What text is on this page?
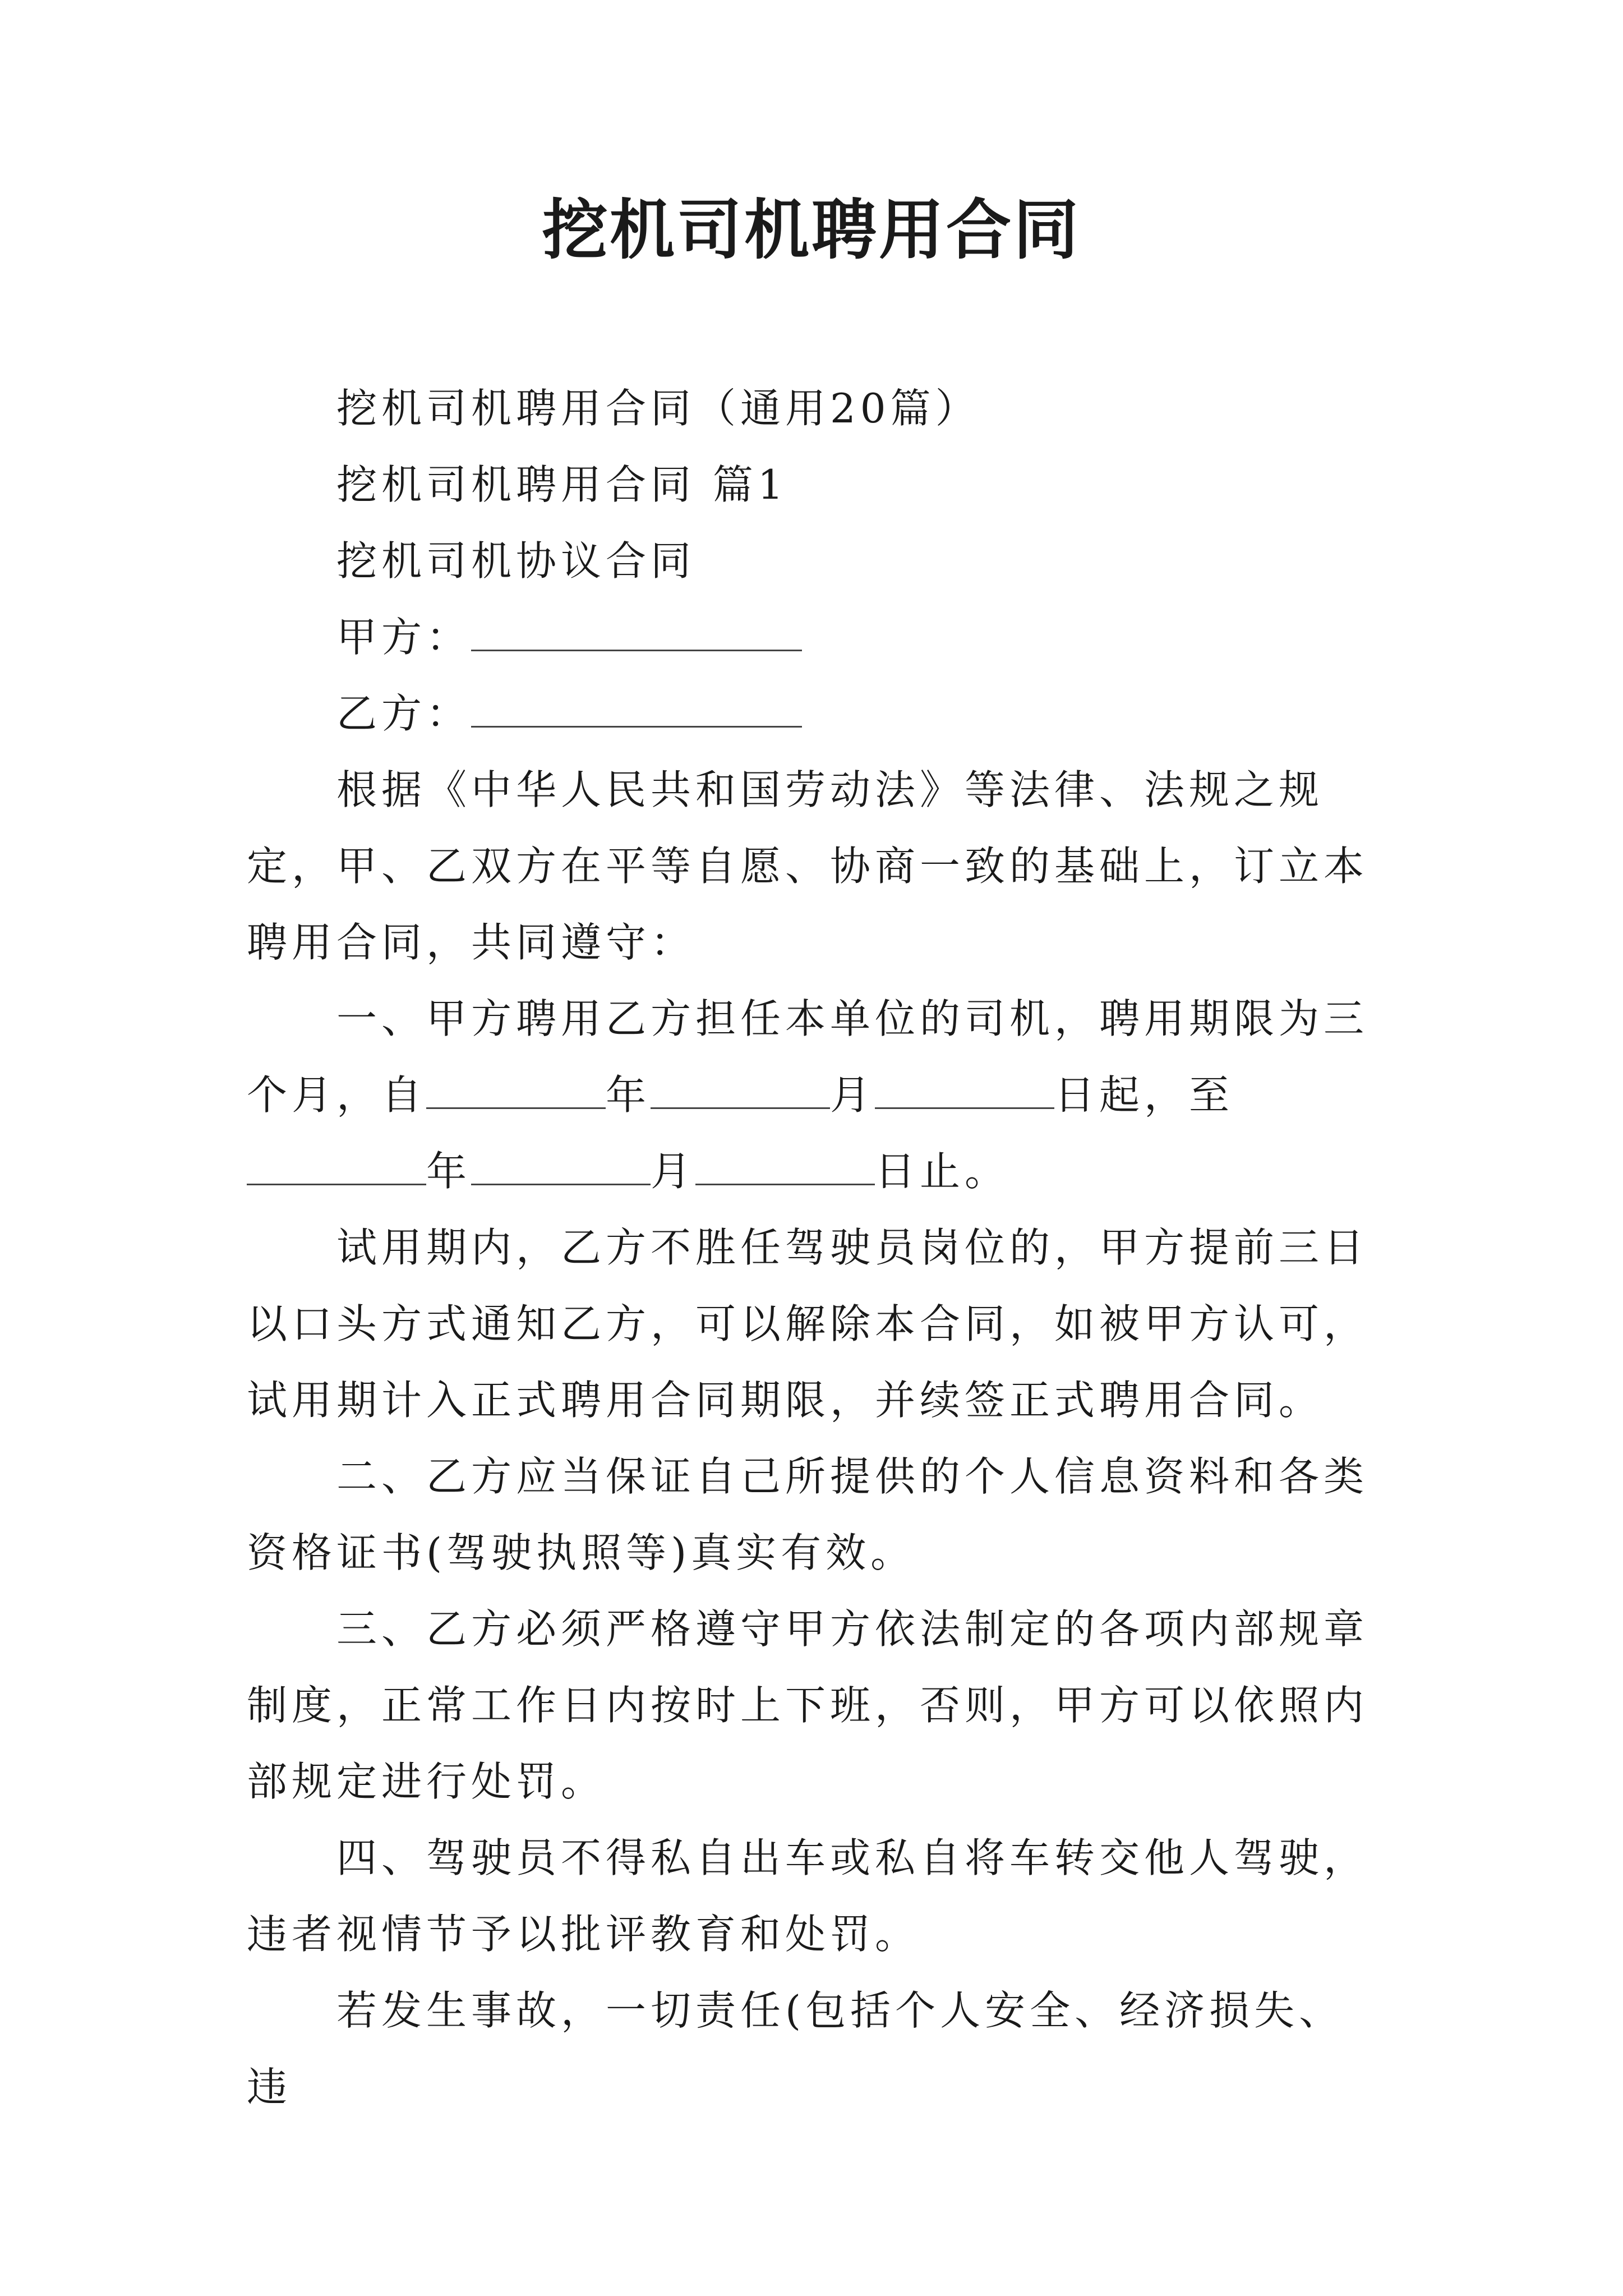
挖机司机聘用合同

挖机司机聘用合同（通用20篇）

挖机司机聘用合同 篇1

挖机司机协议合同

甲方：

乙方：

根据《中华人民共和国劳动法》等法律、法规之规定，甲、乙双方在平等自愿、协商一致的基础上，订立本聘用合同，共同遵守：

一、甲方聘用乙方担任本单位的司机，聘用期限为三个月，自	年	月	日起，至年	月	日止。

试用期内，乙方不胜任驾驶员岗位的，甲方提前三日以口头方式通知乙方，可以解除本合同，如被甲方认可，试用期计入正式聘用合同期限，并续签正式聘用合同。

二、乙方应当保证自己所提供的个人信息资料和各类资格证书(驾驶执照等)真实有效。

三、乙方必须严格遵守甲方依法制定的各项内部规章制度，正常工作日内按时上下班，否则，甲方可以依照内部规定进行处罚。

四、驾驶员不得私自出车或私自将车转交他人驾驶，违者视情节予以批评教育和处罚。

若发生事故，一切责任(包括个人安全、经济损失、违
